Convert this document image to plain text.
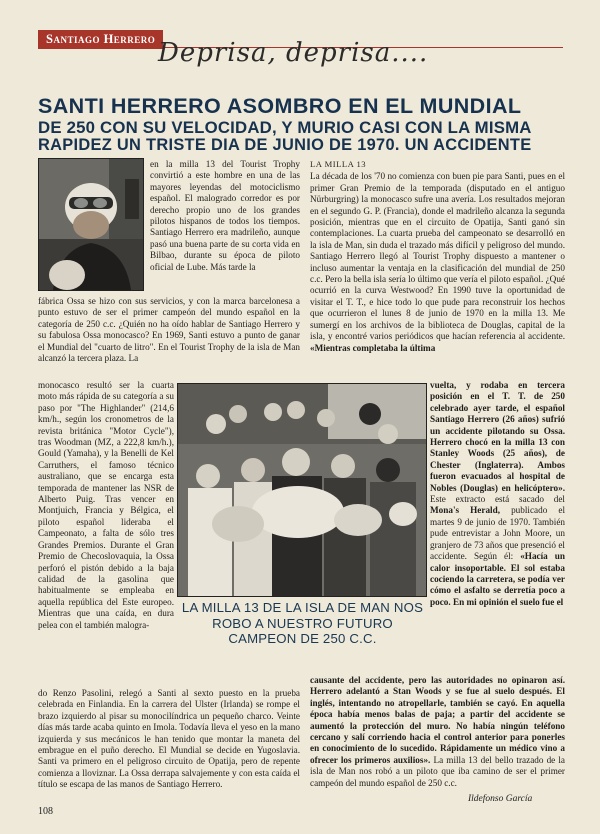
Santiago Herrero Deprisa, deprisa....
SANTI HERRERO ASOMBRO EN EL MUNDIAL
DE 250 CON SU VELOCIDAD, Y MURIO CASI CON LA MISMA
RAPIDEZ UN TRISTE DIA DE JUNIO DE 1970. UN ACCIDENTE
en la milla 13 del Tourist Trophy convirtió a este hombre en una de las mayores leyendas del motociclismo español. El malogrado corredor es por derecho propio uno de los grandes pilotos hispanos de todos los tiempos. Santiago Herrero era madrileño, aunque pasó una buena parte de su corta vida en Bilbao, durante su época de piloto oficial de Lube. Más tarde la
fábrica Ossa se hizo con sus servicios, y con la marca barcelonesa a punto estuvo de ser el primer campeón del mundo español en la categoría de 250 c.c. ¿Quién no ha oído hablar de Santiago Herrero y su fabulosa Ossa monocasco? En 1969, Santi estuvo a punto de ganar el Mundial del "cuarto de litro". En el Tourist Trophy de la isla de Man alcanzó la tercera plaza. La
monocasco resultó ser la cuarta moto más rápida de su categoría a su paso por "The Highlander" (214,6 km/h., según los cronometros de la revista británica "Motor Cycle"), tras Woodman (MZ, a 222,8 km/h.), Gould (Yamaha), y la Benelli de Kel Carruthers, el famoso técnico australiano, que se encarga esta temporada de mantener las NSR de Alberto Puig. Tras vencer en Montjuich, Francia y Bélgica, el piloto español lideraba el Campeonato, a falta de sólo tres Grandes Premios. Durante el Gran Premio de Checoslovaquia, la Ossa perforó el pistón debido a la baja calidad de la gasolina que habitualmente se empleaba en aquella república del Este europeo. Mientras que una caída, en dura pelea con el también malogra-
do Renzo Pasolini, relegó a Santi al sexto puesto en la prueba celebrada en Finlandia. En la carrera del Ulster (Irlanda) se rompe el brazo izquierdo al pisar su monocilíndrica un pequeño charco. Veinte días más tarde acaba quinto en Imola. Todavía lleva el yeso en la mano izquierda y sus mecánicos le han tenido que montar la maneta del embrague en el puño derecho. El Mundial se decide en Yugoslavia. Santi va primero en el peligroso circuito de Opatija, pero de repente comienza a lloviznar. La Ossa derrapa salvajemente y con esta caída el título se escapa de las manos de Santiago Herrero.
LA MILLA 13
La década de los '70 no comienza con buen pie para Santi, pues en el primer Gran Premio de la temporada (disputado en el antiguo Nürburgring) la monocasco sufre una avería. Los resultados mejoran en el segundo G. P. (Francia), donde el madrileño alcanza la segunda posición, mientras que en el circuito de Opatija, Santi ganó sin contemplaciones. La cuarta prueba del campeonato se desarrolló en la isla de Man, sin duda el trazado más difícil y peligroso del mundo. Santiago Herrero llegó al Tourist Trophy dispuesto a mantener o incluso aumentar la ventaja en la clasificación del mundial de 250 c.c. Pero la bella isla sería lo último que vería el piloto español. ¿Qué ocurrió en la curva Westwood? En 1990 tuve la oportunidad de visitar el T. T., e hice todo lo que pude para reconstruir los hechos que ocurrieron el lunes 8 de junio de 1970 en la milla 13. Me sumergí en los archivos de la biblioteca de Douglas, capital de la isla, y encontré varios periódicos que hacían referencia al accidente. «Mientras completaba la última
vuelta, y rodaba en tercera posición en el T. T. de 250 celebrado ayer tarde, el español Santiago Herrero (26 años) sufrió un accidente pilotando su Ossa. Herrero chocó en la milla 13 con Stanley Woods (25 años), de Chester (Inglaterra). Ambos fueron evacuados al hospital de Nobles (Douglas) en helicóptero». Este extracto está sacado del Mona's Herald, publicado el martes 9 de junio de 1970. También pude entrevistar a John Moore, un granjero de 73 años que presenció el accidente. Según él: «Hacía un calor insoportable. El sol estaba cociendo la carretera, se podía ver cómo el asfalto se derretía poco a poco. En mi opinión el suelo fue el
causante del accidente, pero las autoridades no opinaron así. Herrero adelantó a Stan Woods y se fue al suelo después. El inglés, intentando no atropellarle, también se cayó. En aquella época había menos balas de paja; a partir del accidente se aumentó la protección del muro. No había ningún teléfono cercano y salí corriendo hacia el control anterior para ponerles en conocimiento de lo sucedido. Rápidamente un médico vino a ofrecer los primeros auxilios». La milla 13 del bello trazado de la isla de Man nos robó a un piloto que iba camino de ser el primer campeón del mundo español de 250 c.c.
LA MILLA 13 DE LA ISLA DE MAN NOS ROBO A NUESTRO FUTURO CAMPEON DE 250 C.C.
Ildefonso García
108
